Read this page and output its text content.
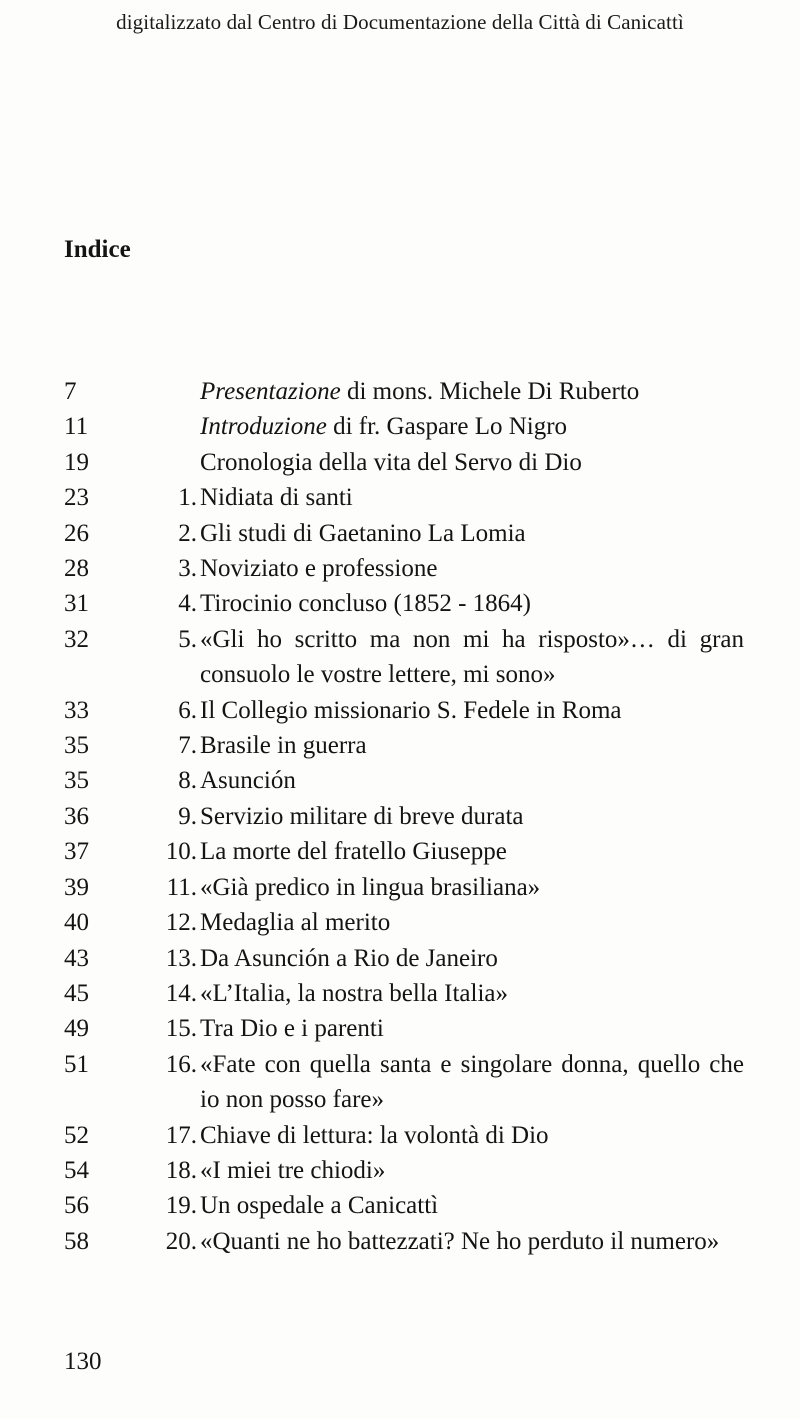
digitalizzato dal Centro di Documentazione della Città di Canicattì
Indice
7	Presentazione di mons. Michele Di Ruberto
11	Introduzione di fr. Gaspare Lo Nigro
19	Cronologia della vita del Servo di Dio
23	1. Nidiata di santi
26	2. Gli studi di Gaetanino La Lomia
28	3. Noviziato e professione
31	4. Tirocinio concluso (1852 - 1864)
32	5. «Gli ho scritto ma non mi ha risposto»… di gran consuolo le vostre lettere, mi sono»
33	6. Il Collegio missionario S. Fedele in Roma
35	7. Brasile in guerra
35	8. Asunción
36	9. Servizio militare di breve durata
37	10. La morte del fratello Giuseppe
39	11. «Già predico in lingua brasiliana»
40	12. Medaglia al merito
43	13. Da Asunción a Rio de Janeiro
45	14. «L’Italia, la nostra bella Italia»
49	15. Tra Dio e i parenti
51	16. «Fate con quella santa e singolare donna, quello che io non posso fare»
52	17. Chiave di lettura: la volontà di Dio
54	18. «I miei tre chiodi»
56	19. Un ospedale a Canicattì
58	20. «Quanti ne ho battezzati? Ne ho perduto il numero»
130
